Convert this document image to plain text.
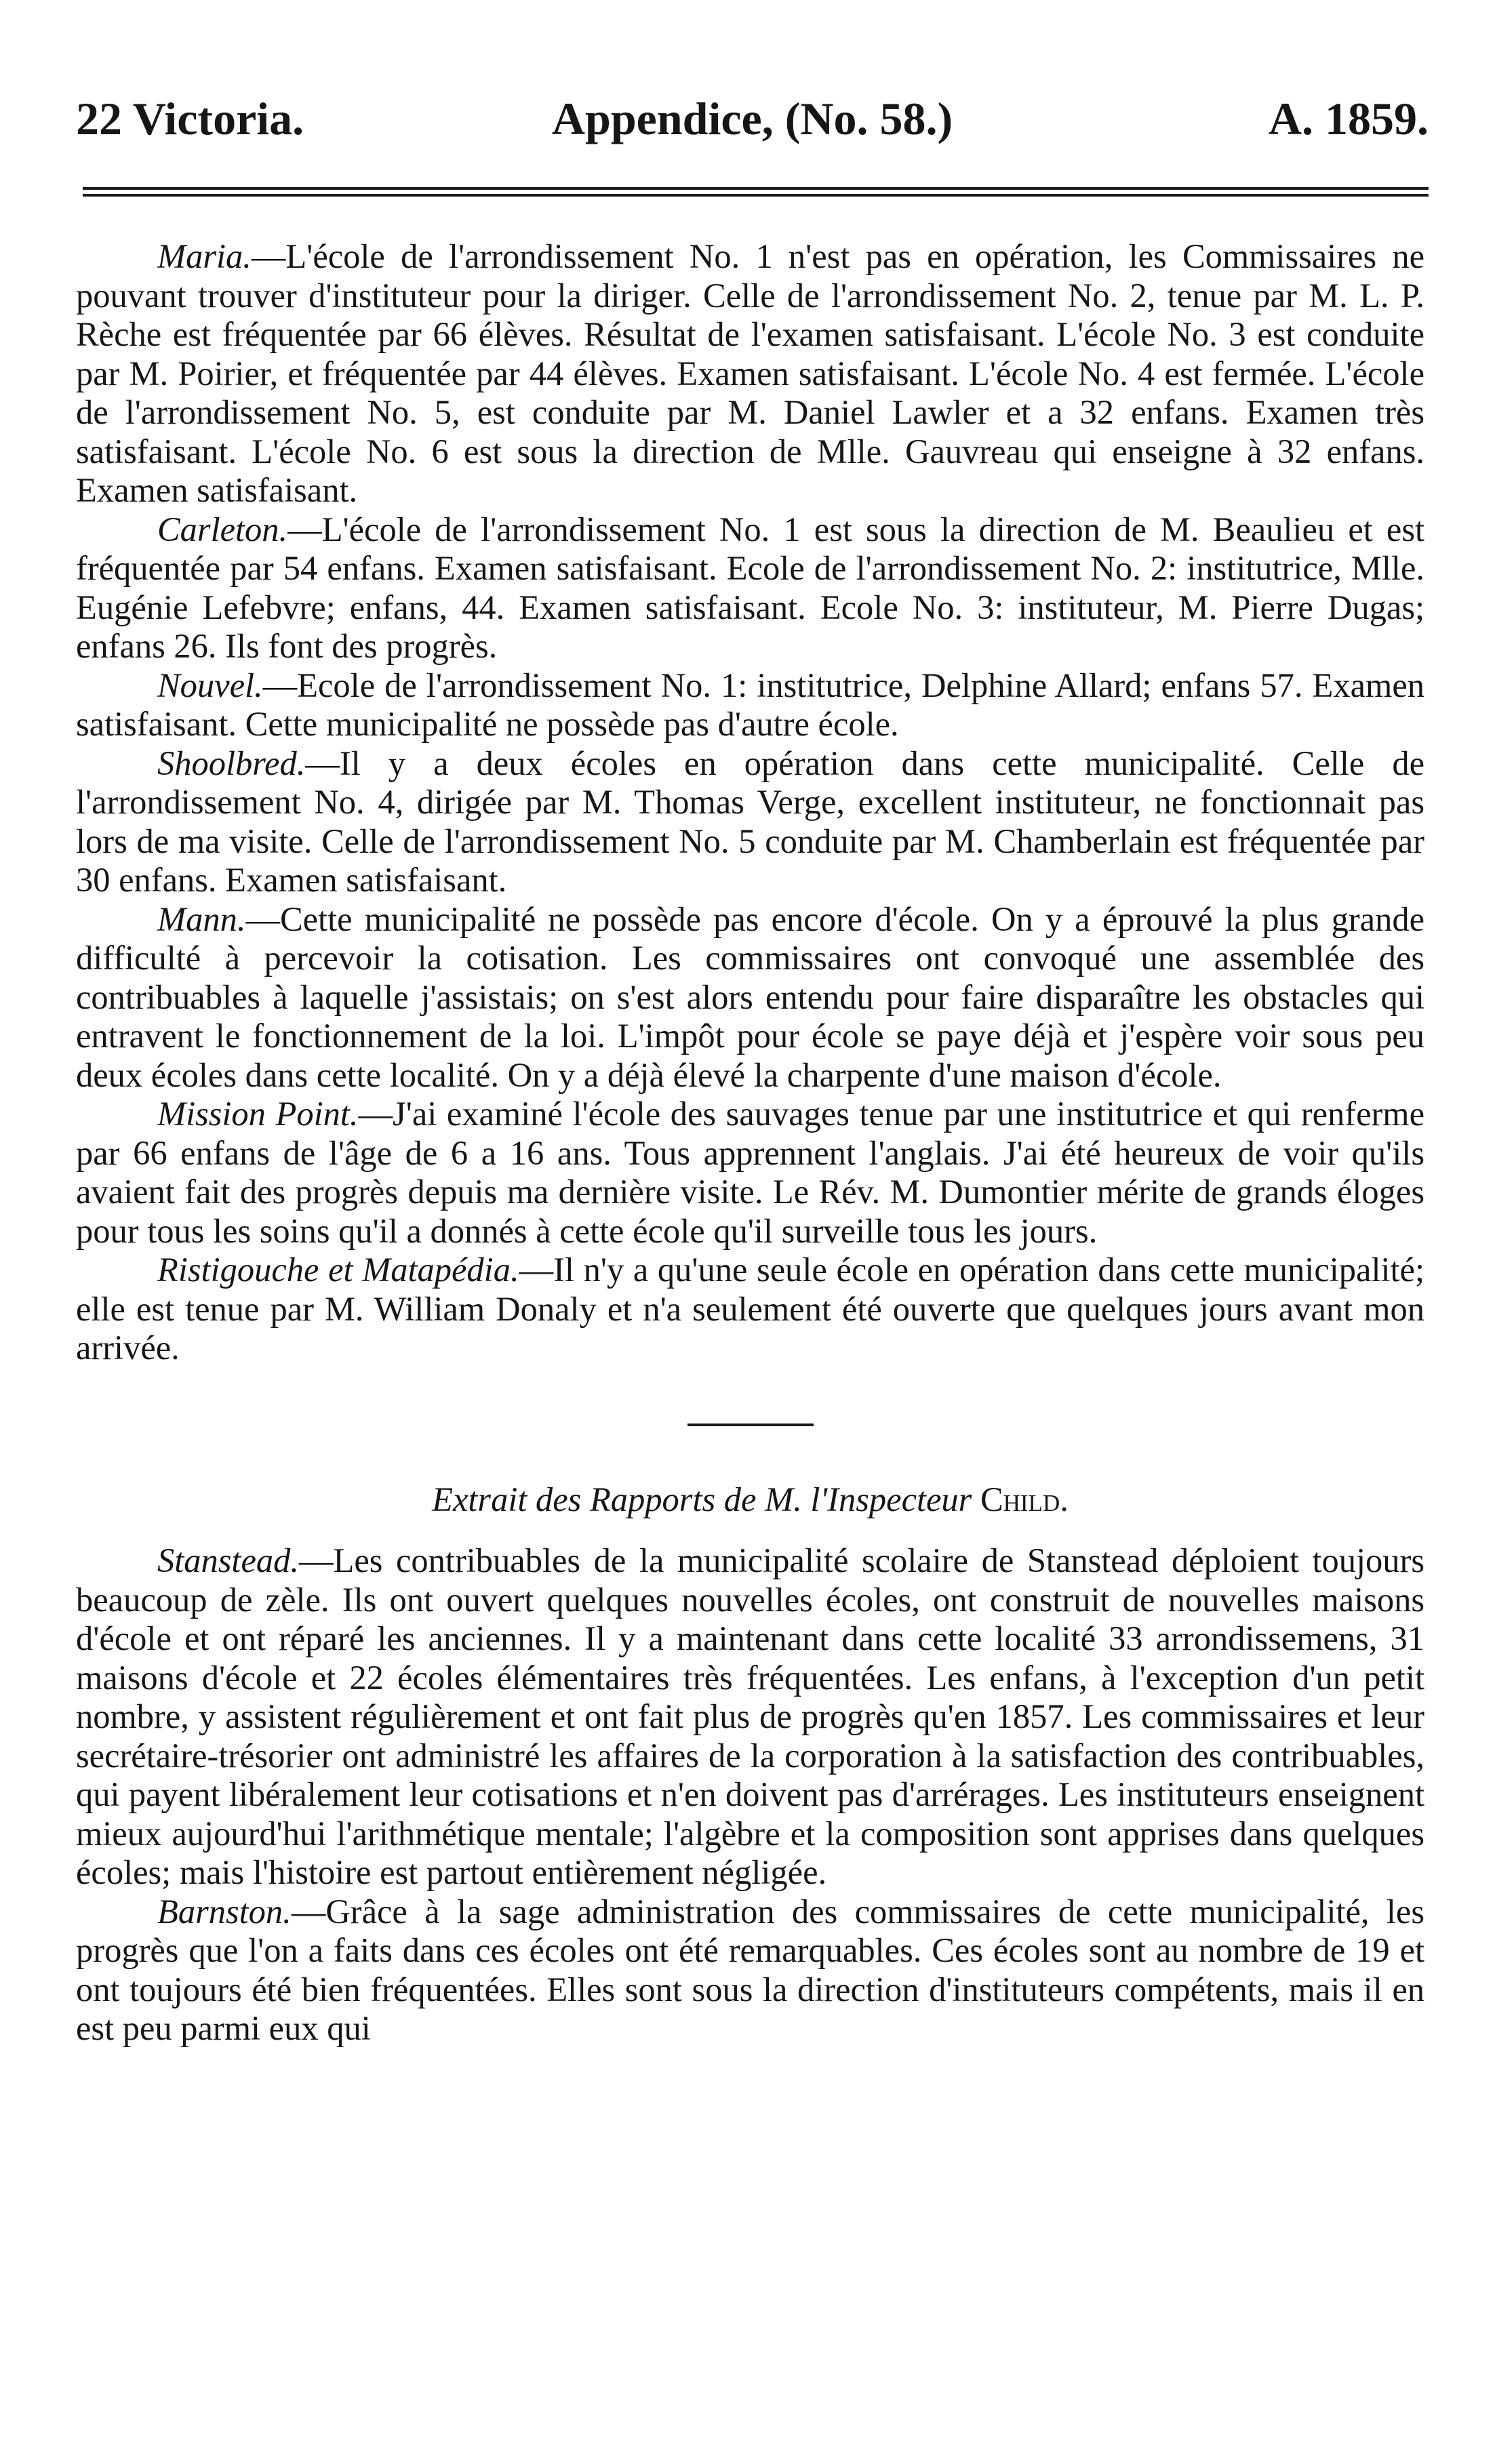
22 Victoria.	Appendice, (No. 58.)	A. 1859.

Maria.—L'école de l'arrondissement No. 1 n'est pas en opération, les Commissaires ne pouvant trouver d'instituteur pour la diriger. Celle de l'arrondissement No. 2, tenue par M. L. P. Rèche est fréquentée par 66 élèves. Résultat de l'examen satisfaisant. L'école No. 3 est conduite par M. Poirier, et fréquentée par 44 élèves. Examen satisfaisant. L'école No. 4 est fermée. L'école de l'arrondissement No. 5, est conduite par M. Daniel Lawler et a 32 enfans. Examen très satisfaisant. L'école No. 6 est sous la direction de Mlle. Gauvreau qui enseigne à 32 enfans. Examen satisfaisant.

Carleton.—L'école de l'arrondissement No. 1 est sous la direction de M. Beaulieu et est fréquentée par 54 enfans. Examen satisfaisant. Ecole de l'arrondissement No. 2: institutrice, Mlle. Eugénie Lefebvre; enfans, 44. Examen satisfaisant. Ecole No. 3: instituteur, M. Pierre Dugas; enfans 26. Ils font des progrès.

Nouvel.—Ecole de l'arrondissement No. 1: institutrice, Delphine Allard; enfans 57. Examen satisfaisant. Cette municipalité ne possède pas d'autre école.

Shoolbred.—Il y a deux écoles en opération dans cette municipalité. Celle de l'arrondissement No. 4, dirigée par M. Thomas Verge, excellent instituteur, ne fonctionnait pas lors de ma visite. Celle de l'arrondissement No. 5 conduite par M. Chamberlain est fréquentée par 30 enfans. Examen satisfaisant.

Mann.—Cette municipalité ne possède pas encore d'école. On y a éprouvé la plus grande difficulté à percevoir la cotisation. Les commissaires ont convoqué une assemblée des contribuables à laquelle j'assistais; on s'est alors entendu pour faire disparaître les obstacles qui entravent le fonctionnement de la loi. L'impôt pour école se paye déjà et j'espère voir sous peu deux écoles dans cette localité. On y a déjà élevé la charpente d'une maison d'école.

Mission Point.—J'ai examiné l'école des sauvages tenue par une institutrice et qui renferme par 66 enfans de l'âge de 6 a 16 ans. Tous apprennent l'anglais. J'ai été heureux de voir qu'ils avaient fait des progrès depuis ma dernière visite. Le Rév. M. Dumontier mérite de grands éloges pour tous les soins qu'il a donnés à cette école qu'il surveille tous les jours.

Ristigouche et Matapédia.—Il n'y a qu'une seule école en opération dans cette municipalité; elle est tenue par M. William Donaly et n'a seulement été ouverte que quelques jours avant mon arrivée.

Extrait des Rapports de M. l'Inspecteur Child.

Stanstead.—Les contribuables de la municipalité scolaire de Stanstead déploient toujours beaucoup de zèle. Ils ont ouvert quelques nouvelles écoles, ont construit de nouvelles maisons d'école et ont réparé les anciennes. Il y a maintenant dans cette localité 33 arrondissemens, 31 maisons d'école et 22 écoles élémentaires très fréquentées. Les enfans, à l'exception d'un petit nombre, y assistent régulièrement et ont fait plus de progrès qu'en 1857. Les commissaires et leur secrétaire-trésorier ont administré les affaires de la corporation à la satisfaction des contribuables, qui payent libéralement leur cotisations et n'en doivent pas d'arrérages. Les instituteurs enseignent mieux aujourd'hui l'arithmétique mentale; l'algèbre et la composition sont apprises dans quelques écoles; mais l'histoire est partout entièrement négligée.

Barnston.—Grâce à la sage administration des commissaires de cette municipalité, les progrès que l'on a faits dans ces écoles ont été remarquables. Ces écoles sont au nombre de 19 et ont toujours été bien fréquentées. Elles sont sous la direction d'instituteurs compétents, mais il en est peu parmi eux qui
